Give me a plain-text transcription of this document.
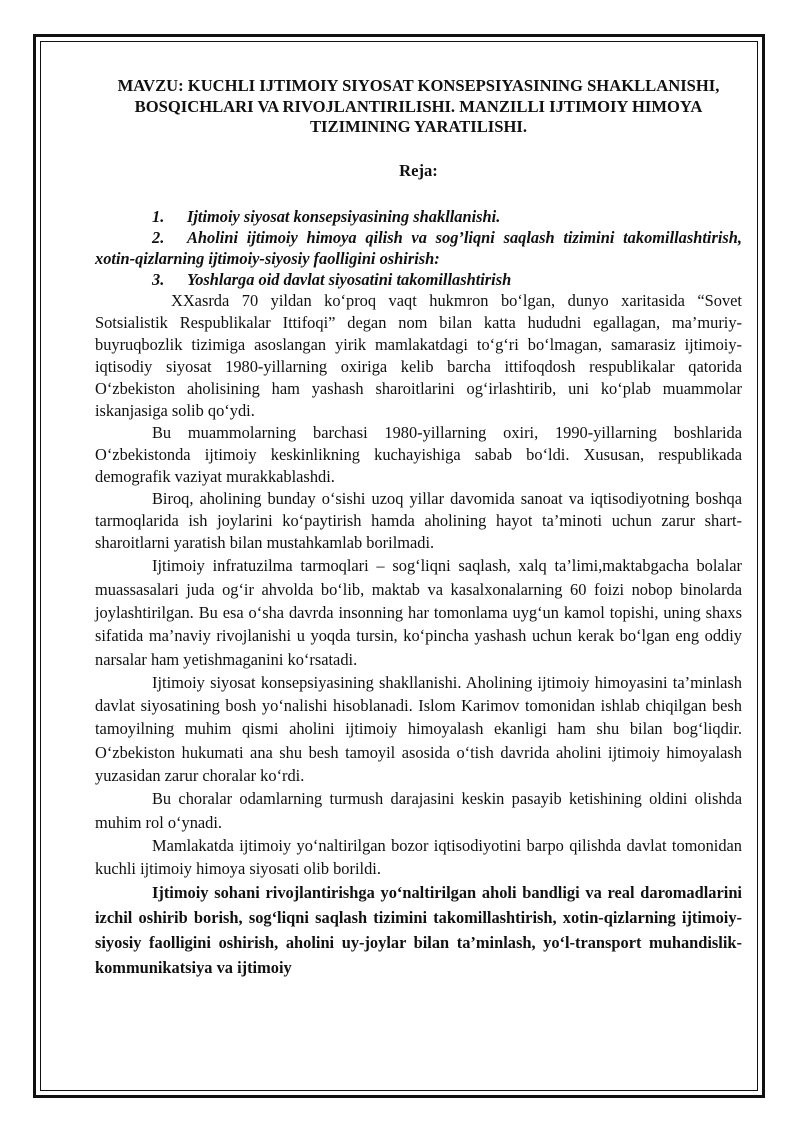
MAVZU: KUCHLI IJTIMOIY SIYOSAT KONSEPSIYASINING SHAKLLANISHI, BOSQICHLARI VA RIVOJLANTIRILISHI. MANZILLI IJTIMOIY HIMOYA TIZIMINING YARATILISHI.

Reja:

1. Ijtimoiy siyosat konsepsiyasining shakllanishi.

2. Aholini ijtimoiy himoya qilish va sog’liqni saqlash tizimini takomillashtirish, xotin-qizlarning ijtimoiy-siyosiy faolligini oshirish:

3. Yoshlarga oid davlat siyosatini takomillashtirish

XXasrda 70 yildan ko‘proq vaqt hukmron bo‘lgan, dunyo xaritasida “Sovet Sotsialistik Respublikalar Ittifoqi” degan nom bilan katta hududni egallagan, ma’muriy-buyruqbozlik tizimiga asoslangan yirik mamlakatdagi to‘g‘ri bo‘lmagan, samarasiz ijtimoiy-iqtisodiy siyosat 1980-yillarning oxiriga kelib barcha ittifoqdosh respublikalar qatorida O‘zbekiston aholisining ham yashash sharoitlarini og‘irlashtirib, uni ko‘plab muammolar iskanjasiga solib qo‘ydi.

Bu muammolarning barchasi 1980-yillarning oxiri, 1990-yillarning boshlarida O‘zbekistonda ijtimoiy keskinlikning kuchayishiga sabab bo‘ldi. Xususan, respublikada demografik vaziyat murakkablashdi.

Biroq, aholining bunday o‘sishi uzoq yillar davomida sanoat va iqtisodiyotning boshqa tarmoqlarida ish joylarini ko‘paytirish hamda aholining hayot ta’minoti uchun zarur shart-sharoitlarni yaratish bilan mustahkamlab borilmadi.

Ijtimoiy infratuzilma tarmoqlari – sog‘liqni saqlash, xalq ta’limi,maktabgacha bolalar muassasalari juda og‘ir ahvolda bo‘lib, maktab va kasalxonalarning 60 foizi nobop binolarda joylashtirilgan. Bu esa o‘sha davrda insonning har tomonlama uyg‘un kamol topishi, uning shaxs sifatida ma’naviy rivojlanishi u yoqda tursin, ko‘pincha yashash uchun kerak bo‘lgan eng oddiy narsalar ham yetishmaganini ko‘rsatadi.

Ijtimoiy siyosat konsepsiyasining shakllanishi. Aholining ijtimoiy himoyasini ta’minlash davlat siyosatining bosh yo‘nalishi hisoblanadi. Islom Karimov tomonidan ishlab chiqilgan besh tamoyilning muhim qismi aholini ijtimoiy himoyalash ekanligi ham shu bilan bog‘liqdir. O‘zbekiston hukumati ana shu besh tamoyil asosida o‘tish davrida aholini ijtimoiy himoyalash yuzasidan zarur choralar ko‘rdi.

Bu choralar odamlarning turmush darajasini keskin pasayib ketishining oldini olishda muhim rol o‘ynadi.

Mamlakatda ijtimoiy yo‘naltirilgan bozor iqtisodiyotini barpo qilishda davlat tomonidan kuchli ijtimoiy himoya siyosati olib borildi.

Ijtimoiy sohani rivojlantirishga yo‘naltirilgan aholi bandligi va real daromadlarini izchil oshirib borish, sog‘liqni saqlash tizimini takomillashtirish, xotin-qizlarning ijtimoiy-siyosiy faolligini oshirish, aholini uy-joylar bilan ta’minlash, yo‘l-transport muhandislik-kommunikatsiya va ijtimoiy
